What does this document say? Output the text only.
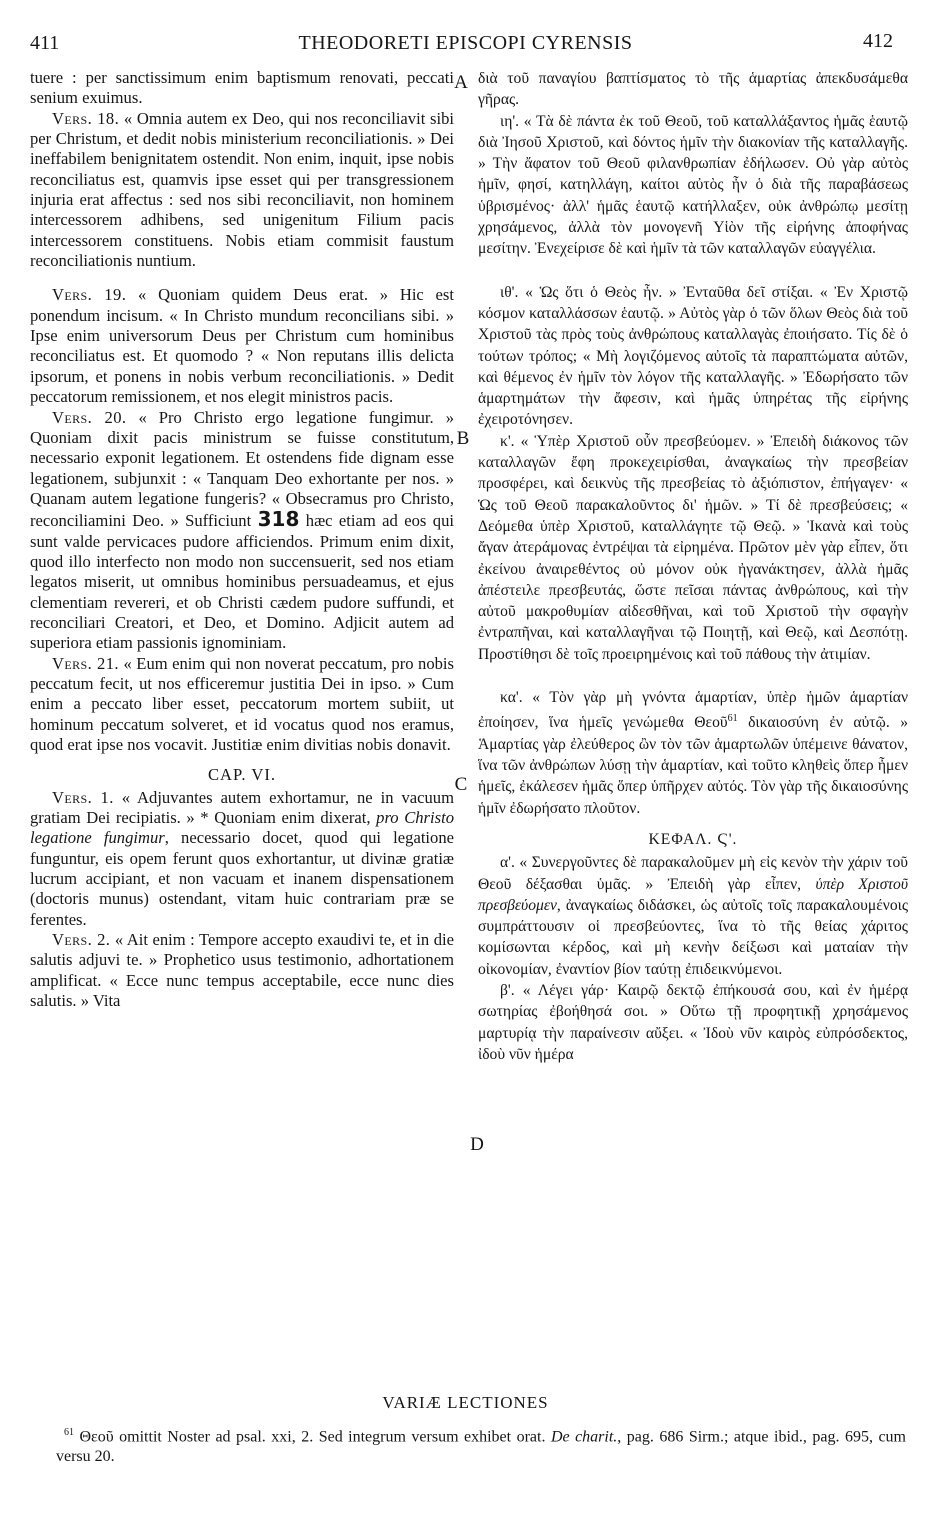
411	THEODORETI EPISCOPI CYRENSIS	412
A
B
C
D

tuere : per sanctissimum enim baptismum renovati, peccati senium exuimus.

Vers. 18. « Omnia autem ex Deo, qui nos reconciliavit sibi per Christum, et dedit nobis ministerium reconciliationis. » Dei ineffabilem benignitatem ostendit. Non enim, inquit, ipse nobis reconciliatus est, quamvis ipse esset qui per transgressionem injuria erat affectus : sed nos sibi reconciliavit, non hominem intercessorem adhibens, sed unigenitum Filium pacis intercessorem constituens. Nobis etiam commisit faustum reconciliationis nuntium.

Vers. 19. « Quoniam quidem Deus erat. » Hic est ponendum incisum. « In Christo mundum reconcilians sibi. » Ipse enim universorum Deus per Christum cum hominibus reconciliatus est. Et quomodo ? « Non reputans illis delicta ipsorum, et ponens in nobis verbum reconciliationis. » Dedit peccatorum remissionem, et nos elegit ministros pacis.

Vers. 20. « Pro Christo ergo legatione fungimur. » Quoniam dixit pacis ministrum se fuisse constitutum, necessario exponit legationem. Et ostendens fide dignam esse legationem, subjunxit : « Tanquam Deo exhortante per nos. » Quanam autem legatione fungeris? « Obsecramus pro Christo, reconciliamini Deo. » Sufficiunt 318 hæc etiam ad eos qui sunt valde pervicaces pudore afficiendos. Primum enim dixit, quod illo interfecto non modo non succensuerit, sed nos etiam legatos miserit, ut omnibus hominibus persuadeamus, et ejus clementiam revereri, et ob Christi cædem pudore suffundi, et reconciliari Creatori, et Deo, et Domino. Adjicit autem ad superiora etiam passionis ignominiam.

Vers. 21. « Eum enim qui non noverat peccatum, pro nobis peccatum fecit, ut nos efficeremur justitia Dei in ipso. » Cum enim a peccato liber esset, peccatorum mortem subiit, ut hominum peccatum solveret, et id vocatus quod nos eramus, quod erat ipse nos vocavit. Justitiæ enim divitias nobis donavit.

CAP. VI.

Vers. 1. « Adjuvantes autem exhortamur, ne in vacuum gratiam Dei recipiatis. » * Quoniam enim dixerat, pro Christo legatione fungimur, necessario docet, quod qui legatione funguntur, eis opem ferunt quos exhortantur, ut divinæ gratiæ lucrum accipiant, et non vacuam et inanem dispensationem (doctoris munus) ostendant, vitam huic contrariam præ se ferentes.

Vers. 2. « Ait enim : Tempore accepto exaudivi te, et in die salutis adjuvi te. » Prophetico usus testimonio, adhortationem amplificat. « Ecce nunc tempus acceptabile, ecce nunc dies salutis. » Vita

διὰ τοῦ παναγίου βαπτίσματος τὸ τῆς ἁμαρτίας ἀπεκδυσάμεθα γῆρας.

ιη'. « Τὰ δὲ πάντα ἐκ τοῦ Θεοῦ, τοῦ καταλλάξαντος ἡμᾶς ἑαυτῷ διὰ Ἰησοῦ Χριστοῦ, καὶ δόντος ἡμῖν τὴν διακονίαν τῆς καταλλαγῆς. » Τὴν ἄφατον τοῦ Θεοῦ φιλανθρωπίαν ἐδήλωσεν. Οὐ γὰρ αὐτὸς ἡμῖν, φησί, κατηλλάγη, καίτοι αὐτὸς ἦν ὁ διὰ τῆς παραβάσεως ὑβρισμένος· ἀλλ' ἡμᾶς ἑαυτῷ κατήλλαξεν, οὐκ ἀνθρώπῳ μεσίτῃ χρησάμενος, ἀλλὰ τὸν μονογενῆ Υἱὸν τῆς εἰρήνης ἀποφήνας μεσίτην. Ἐνεχείρισε δὲ καὶ ἡμῖν τὰ τῶν καταλλαγῶν εὐαγγέλια.

ιθ'. « Ὡς ὅτι ὁ Θεὸς ἦν. » Ἐνταῦθα δεῖ στίξαι. « Ἐν Χριστῷ κόσμον καταλλάσσων ἑαυτῷ. » Αὐτὸς γὰρ ὁ τῶν ὅλων Θεὸς διὰ τοῦ Χριστοῦ τὰς πρὸς τοὺς ἀνθρώπους καταλλαγὰς ἐποιήσατο. Τίς δὲ ὁ τούτων τρόπος; « Μὴ λογιζόμενος αὐτοῖς τὰ παραπτώματα αὐτῶν, καὶ θέμενος ἐν ἡμῖν τὸν λόγον τῆς καταλλαγῆς. » Ἐδωρήσατο τῶν ἁμαρτημάτων τὴν ἄφεσιν, καὶ ἡμᾶς ὑπηρέτας τῆς εἰρήνης ἐχειροτόνησεν.

κ'. « Ὑπὲρ Χριστοῦ οὖν πρεσβεύομεν. » Ἐπειδὴ διάκονος τῶν καταλλαγῶν ἔφη προκεχειρίσθαι, ἀναγκαίως τὴν πρεσβείαν προσφέρει, καὶ δεικνὺς τῆς πρεσβείας τὸ ἀξιόπιστον, ἐπήγαγεν· « Ὡς τοῦ Θεοῦ παρακαλοῦντος δι' ἡμῶν. » Τί δὲ πρεσβεύσεις; « Δεόμεθα ὑπὲρ Χριστοῦ, καταλλάγητε τῷ Θεῷ. » Ἱκανὰ καὶ τοὺς ἄγαν ἀτεράμονας ἐντρέψαι τὰ εἰρημένα. Πρῶτον μὲν γὰρ εἶπεν, ὅτι ἐκείνου ἀναιρεθέντος οὐ μόνον οὐκ ἠγανάκτησεν, ἀλλὰ ἡμᾶς ἀπέστειλε πρεσβευτάς, ὥστε πεῖσαι πάντας ἀνθρώπους, καὶ τὴν αὐτοῦ μακροθυμίαν αἰδεσθῆναι, καὶ τοῦ Χριστοῦ τὴν σφαγὴν ἐντραπῆναι, καὶ καταλλαγῆναι τῷ Ποιητῇ, καὶ Θεῷ, καὶ Δεσπότῃ. Προστίθησι δὲ τοῖς προειρημένοις καὶ τοῦ πάθους τὴν ἀτιμίαν.

κα'. « Τὸν γὰρ μὴ γνόντα ἁμαρτίαν, ὑπὲρ ἡμῶν ἁμαρτίαν ἐποίησεν, ἵνα ἡμεῖς γενώμεθα Θεοῦ$^{61}$ δικαιοσύνη ἐν αὐτῷ. » Ἁμαρτίας γὰρ ἐλεύθερος ὢν τὸν τῶν ἁμαρτωλῶν ὑπέμεινε θάνατον, ἵνα τῶν ἀνθρώπων λύσῃ τὴν ἁμαρτίαν, καὶ τοῦτο κληθεὶς ὅπερ ἦμεν ἡμεῖς, ἐκάλεσεν ἡμᾶς ὅπερ ὑπῆρχεν αὐτός. Τὸν γὰρ τῆς δικαιοσύνης ἡμῖν ἐδωρήσατο πλοῦτον.

ΚΕΦΑΛ. Ϛ'.

α'. « Συνεργοῦντες δὲ παρακαλοῦμεν μὴ εἰς κενὸν τὴν χάριν τοῦ Θεοῦ δέξασθαι ὑμᾶς. » Ἐπειδὴ γὰρ εἶπεν, ὑπὲρ Χριστοῦ πρεσβεύομεν, ἀναγκαίως διδάσκει, ὡς αὐτοῖς τοῖς παρακαλουμένοις συμπράττουσιν οἱ πρεσβεύοντες, ἵνα τὸ τῆς θείας χάριτος κομίσωνται κέρδος, καὶ μὴ κενὴν δείξωσι καὶ ματαίαν τὴν οἰκονομίαν, ἐναντίον βίον ταύτῃ ἐπιδεικνύμενοι.

β'. « Λέγει γάρ· Καιρῷ δεκτῷ ἐπήκουσά σου, καὶ ἐν ἡμέρᾳ σωτηρίας ἐβοήθησά σοι. » Οὕτω τῇ προφητικῇ χρησάμενος μαρτυρίᾳ τὴν παραίνεσιν αὔξει. « Ἰδοὺ νῦν καιρὸς εὐπρόσδεκτος, ἰδοὺ νῦν ἡμέρα

VARIÆ LECTIONES
$^{61}$ Θεοῦ omittit Noster ad psal. xxi, 2. Sed integrum versum exhibet orat. De charit., pag. 686 Sirm.; atque ibid., pag. 695, cum versu 20.
